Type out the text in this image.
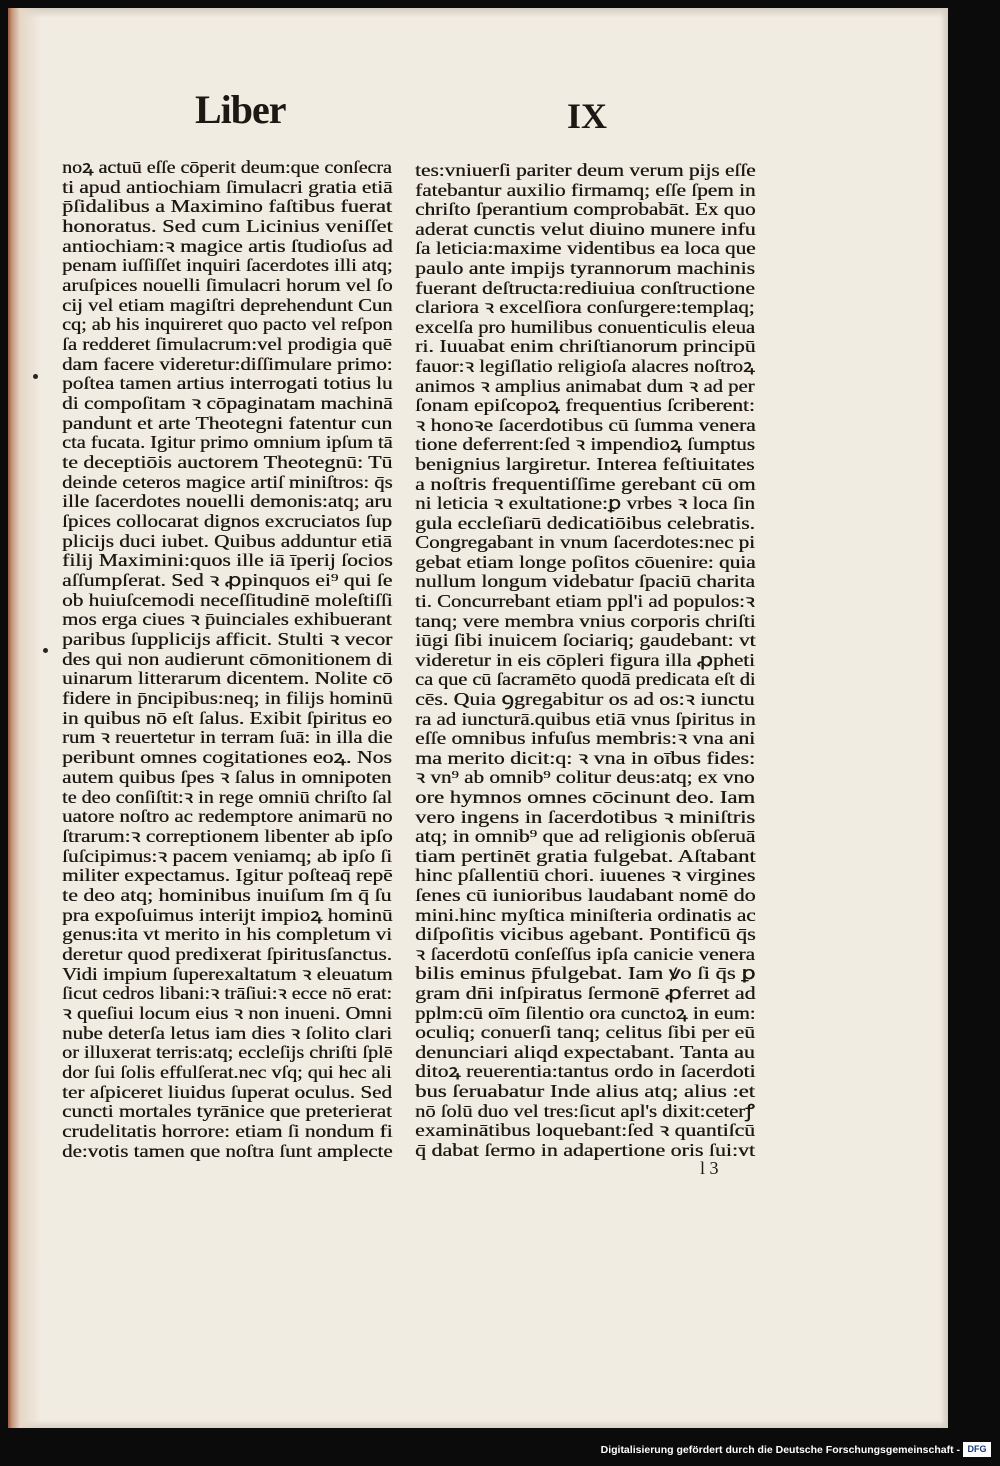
Liber	IX
noꝝ actuū eſſe cōperit deum:que conſecra
ti apud antiochiam ſimulacri gratia etiā
p̄ſidalibus a Maximino faſtibus fuerat
honoratus. Sed cum Licinius veniſſet
antiochiam:ꝛ magice artis ſtudioſus ad
penam iuſſiſſet inquiri ſacerdotes illi atq;
aruſpices nouelli ſimulacri horum vel ſo
cij vel etiam magiſtri deprehendunt Cun
cq; ab his inquireret quo pacto vel reſpon
ſa redderet ſimulacrum:vel prodigia quē
dam facere videretur:diſſimulare primo:
poſtea tamen artius interrogati totius lu
di compoſitam ꝛ cōpaginatam machinā
pandunt et arte Theotegni fatentur cun
cta fucata. Igitur primo omnium ipſum tā
te deceptiōis auctorem Theotegnū: Tū
deinde ceteros magice artiſ miniſtros: q̄s
ille ſacerdotes nouelli demonis:atq; aru
ſpices collocarat dignos excruciatos ſup
plicijs duci iubet. Quibus adduntur etiā
filij Maximini:quos ille iā īperij ſocios
aſſumpſerat. Sed ꝛ ꝓpinquos ei⁹ qui ſe
ob huiuſcemodi neceſſitudinē moleſtiſſi
mos erga ciues ꝛ p̄uinciales exhibuerant
paribus ſupplicijs afficit. Stulti ꝛ vecor
des qui non audierunt cōmonitionem di
uinarum litterarum dicentem. Nolite cō
fidere in p̄ncipibus:neq; in filijs hominū
in quibus nō eſt ſalus. Exibit ſpiritus eo
rum ꝛ reuertetur in terram ſuā: in illa die
peribunt omnes cogitationes eoꝝ. Nos
autem quibus ſpes ꝛ ſalus in omnipoten
te deo conſiſtit:ꝛ in rege omniū chriſto ſal
uatore noſtro ac redemptore animarū no
ſtrarum:ꝛ correptionem libenter ab ipſo
ſuſcipimus:ꝛ pacem veniamq; ab ipſo ſi
militer expectamus. Igitur poſteaq̄ repē
te deo atq; hominibus inuiſum ſm q̄ ſu
pra expoſuimus interijt impioꝝ hominū
genus:ita vt merito in his completum vi
deretur quod predixerat ſpiritusſanctus.
Vidi impium ſuperexaltatum ꝛ eleuatum
ſicut cedros libani:ꝛ trāſiui:ꝛ ecce nō erat:
ꝛ queſiui locum eius ꝛ non inueni. Omni
nube deterſa letus iam dies ꝛ ſolito clari
or illuxerat terris:atq; eccleſijs chriſti ſplē
dor ſui ſolis effulſerat.nec vſq; qui hec ali
ter aſpiceret liuidus ſuperat oculus. Sed
cuncti mortales tyrānice que preterierat
crudelitatis horrore: etiam ſi nondum fi
de:votis tamen que noſtra ſunt amplecte
tes:vniuerſi pariter deum verum pijs eſſe
fatebantur auxilio firmamq; eſſe ſpem in
chriſto ſperantium comprobabāt. Ex quo
aderat cunctis velut diuino munere infu
ſa leticia:maxime videntibus ea loca que
paulo ante impijs tyrannorum machinis
fuerant deſtructa:rediuiua conſtructione
clariora ꝛ excelſiora conſurgere:templaq;
excelſa pro humilibus conuenticulis eleua
ri. Iuuabat enim chriſtianorum principū
fauor:ꝛ legiſlatio religioſa alacres noſtroꝝ
animos ꝛ amplius animabat dum ꝛ ad per
ſonam epiſcopoꝝ frequentius ſcriberent:
ꝛ honoꝛe ſacerdotibus cū ſumma venera
tione deferrent:ſed ꝛ impendioꝝ ſumptus
benignius largiretur. Interea feſtiuitates
a noſtris frequentiſſime gerebant cū om
ni leticia ꝛ exultatione:ꝑ vrbes ꝛ loca ſin
gula eccleſiarū dedicatiōibus celebratis.
Congregabant in vnum ſacerdotes:nec pi
gebat etiam longe poſitos cōuenire: quia
nullum longum videbatur ſpaciū charita
ti. Concurrebant etiam ppl'i ad populos:ꝛ
tanq; vere membra vnius corporis chriſti
iūgi ſibi inuicem ſociariq; gaudebant: vt
videretur in eis cōpleri figura illa ꝓpheti
ca que cū ſacramēto quodā predicata eſt di
cēs. Quia ꝯgregabitur os ad os:ꝛ iunctu
ra ad iuncturā.quibus etiā vnus ſpiritus in
eſſe omnibus infuſus membris:ꝛ vna ani
ma merito dicit:q: ꝛ vna in oībus fides:
ꝛ vn⁹ ab omnib⁹ colitur deus:atq; ex vno
ore hymnos omnes cōcinunt deo. Iam
vero ingens in ſacerdotibus ꝛ miniſtris
atq; in omnib⁹ que ad religionis obſeruā
tiam pertinēt gratia fulgebat. Aſtabant
hinc pſallentiū chori. iuuenes ꝛ virgines
ſenes cū iunioribus laudabant nomē do
mini.hinc myſtica miniſteria ordinatis ac
diſpoſitis vicibus agebant. Pontificū q̄s
ꝛ ſacerdotū conſeſſus ipſa canicie venera
bilis eminus p̄fulgebat. Iam ꝟo ſi q̄s ꝑ
gram dn̄i inſpiratus ſermonē ꝓferret ad
pplm:cū oīm ſilentio ora cunctoꝝ in eum:
oculiq; conuerſi tanq; celitus ſibi per eū
denunciari aliqd expectabant. Tanta au
ditoꝝ reuerentia:tantus ordo in ſacerdoti
bus ſeruabatur Inde alius atq; alius :et
nō ſolū duo vel tres:ſicut apl's dixit:ceterꝭ
examinātibus loquebant:ſed ꝛ quantiſcū
q̄ dabat ſermo in adapertione oris ſui:vt
l 3
Digitalisierung gefördert durch die Deutsche Forschungsgemeinschaft - DFG
